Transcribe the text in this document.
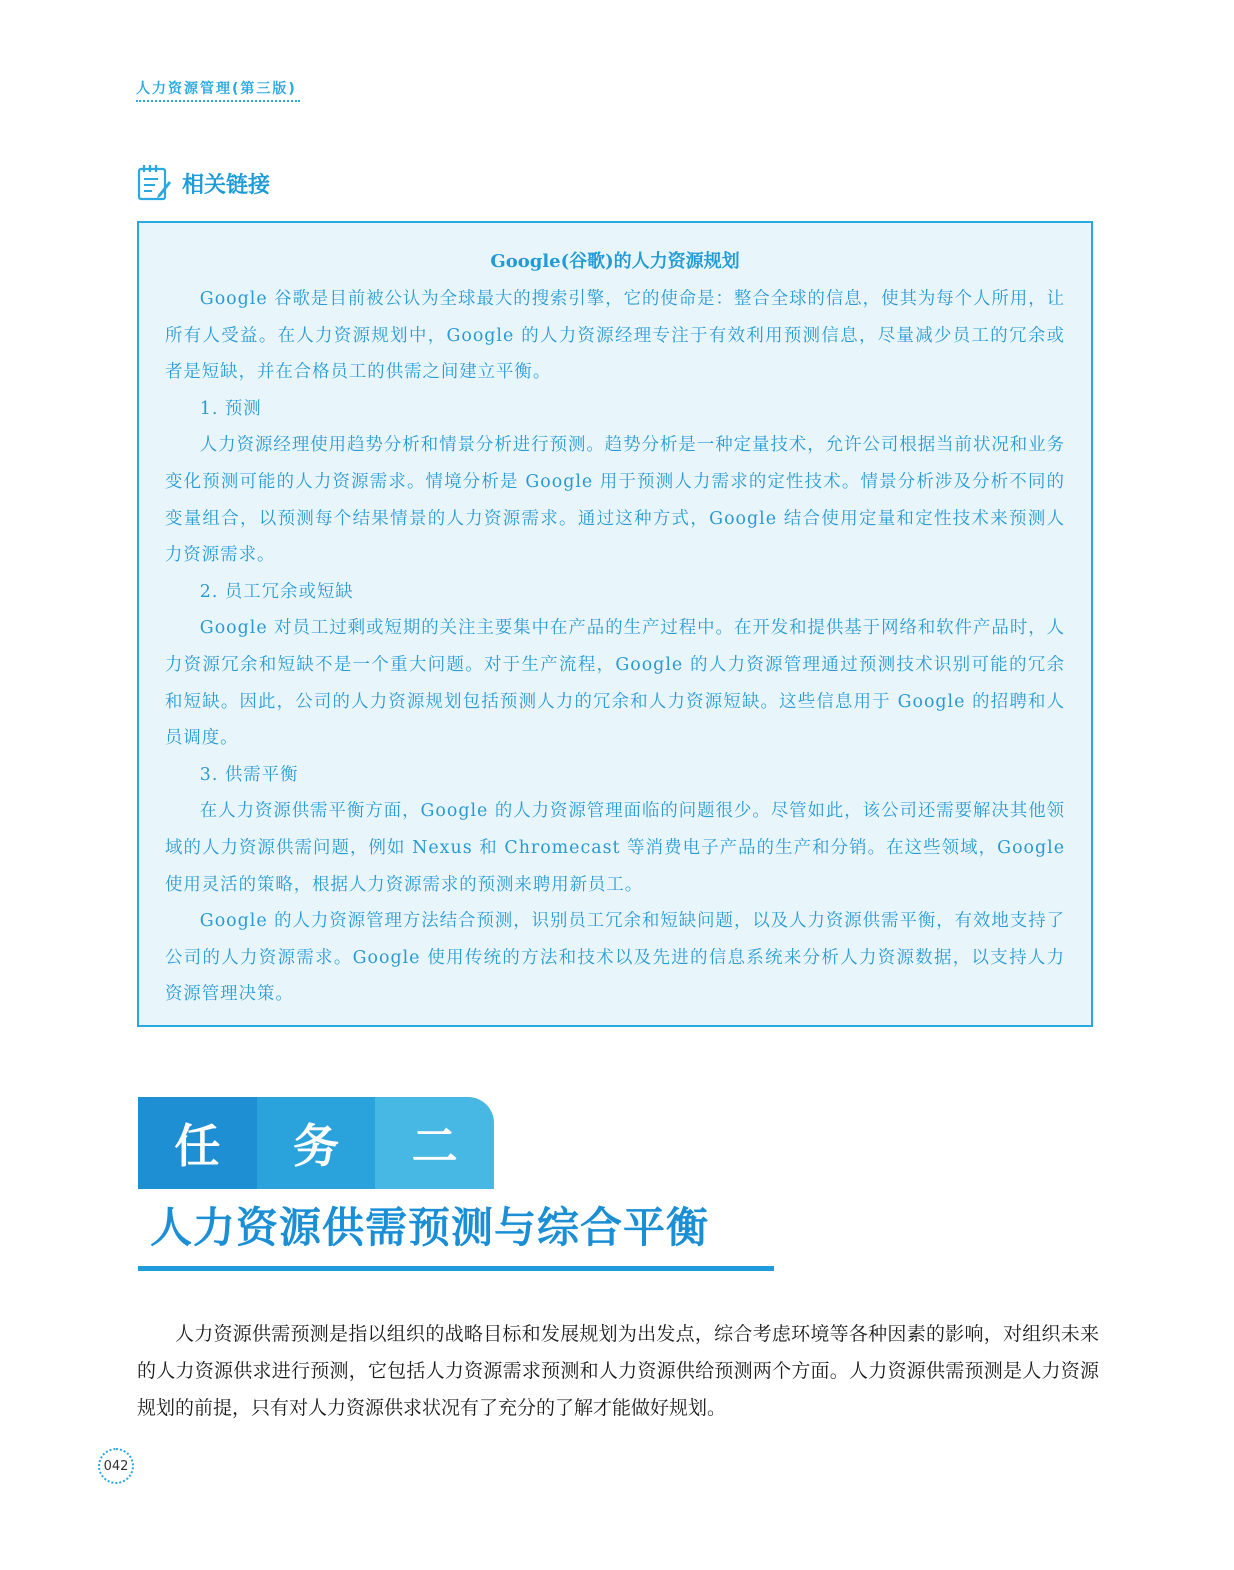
人力资源管理(第三版)
相关链接
Google(谷歌)的人力资源规划

Google 谷歌是目前被公认为全球最大的搜索引擎，它的使命是：整合全球的信息，使其为每个人所用，让所有人受益。在人力资源规划中，Google 的人力资源经理专注于有效利用预测信息，尽量减少员工的冗余或者是短缺，并在合格员工的供需之间建立平衡。

1. 预测

人力资源经理使用趋势分析和情景分析进行预测。趋势分析是一种定量技术，允许公司根据当前状况和业务变化预测可能的人力资源需求。情境分析是 Google 用于预测人力需求的定性技术。情景分析涉及分析不同的变量组合，以预测每个结果情景的人力资源需求。通过这种方式，Google 结合使用定量和定性技术来预测人力资源需求。

2. 员工冗余或短缺

Google 对员工过剩或短期的关注主要集中在产品的生产过程中。在开发和提供基于网络和软件产品时，人力资源冗余和短缺不是一个重大问题。对于生产流程，Google 的人力资源管理通过预测技术识别可能的冗余和短缺。因此，公司的人力资源规划包括预测人力的冗余和人力资源短缺。这些信息用于 Google 的招聘和人员调度。

3. 供需平衡

在人力资源供需平衡方面，Google 的人力资源管理面临的问题很少。尽管如此，该公司还需要解决其他领域的人力资源供需问题，例如 Nexus 和 Chromecast 等消费电子产品的生产和分销。在这些领域，Google 使用灵活的策略，根据人力资源需求的预测来聘用新员工。

Google 的人力资源管理方法结合预测，识别员工冗余和短缺问题，以及人力资源供需平衡，有效地支持了公司的人力资源需求。Google 使用传统的方法和技术以及先进的信息系统来分析人力资源数据，以支持人力资源管理决策。

任	务	二
人力资源供需预测与综合平衡

人力资源供需预测是指以组织的战略目标和发展规划为出发点，综合考虑环境等各种因素的影响，对组织未来的人力资源供求进行预测，它包括人力资源需求预测和人力资源供给预测两个方面。人力资源供需预测是人力资源规划的前提，只有对人力资源供求状况有了充分的了解才能做好规划。

042
